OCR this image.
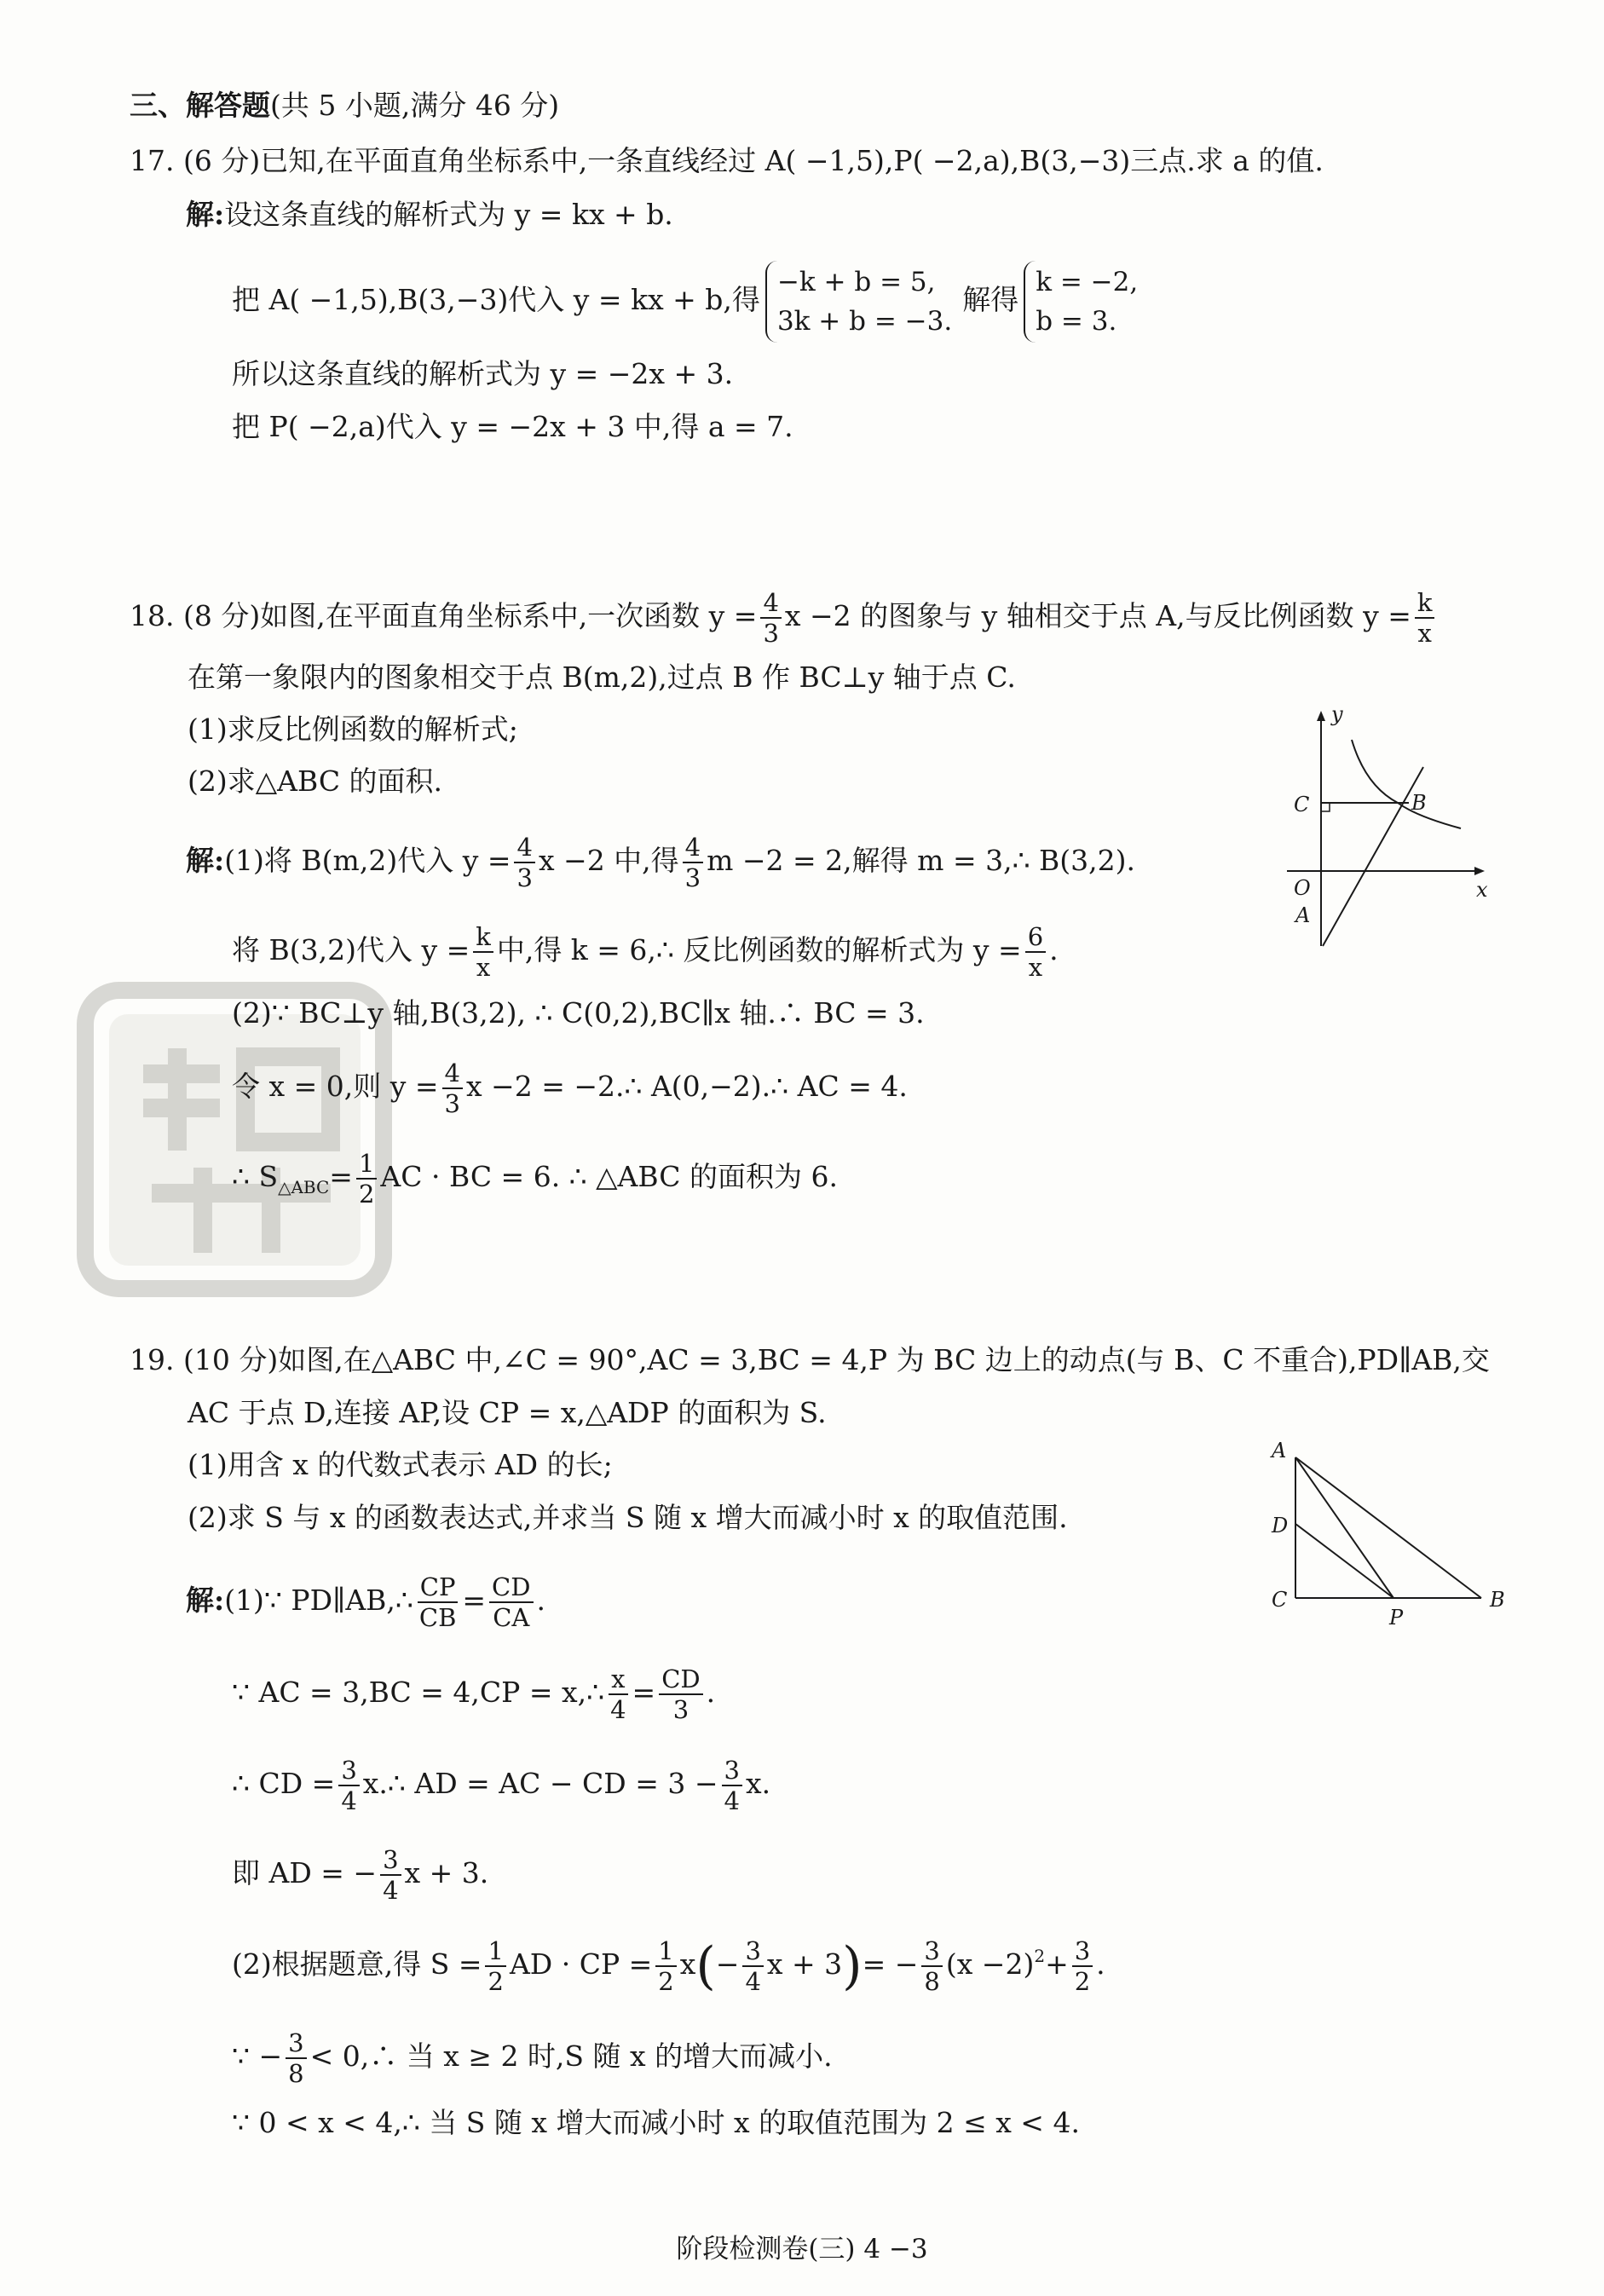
三、解答题(共 5 小题,满分 46 分)
17. (6 分)已知,在平面直角坐标系中,一条直线经过 A( −1,5),P( −2,a),B(3,−3)三点.求 a 的值.
解:设这条直线的解析式为 y = kx + b.
把 A( −1,5),B(3,−3)代入 y = kx + b,得
−k + b = 5,
3k + b = −3.
解得
k = −2,
b = 3.
所以这条直线的解析式为 y = −2x + 3.
把 P( −2,a)代入 y = −2x + 3 中,得 a = 7.
18. (8 分)如图,在平面直角坐标系中,一次函数 $y = \frac{4}{3}$ x −2 的图象与 y 轴相交于点 A,与反比例函数 $y = \frac{k}{x}$
在第一象限内的图象相交于点 B(m,2),过点 B 作 BC⊥y 轴于点 C.
(1)求反比例函数的解析式;
(2)求△ABC 的面积.
解:(1)将 B(m,2)代入 $y = \frac{4}{3}$ x −2 中,得 $\frac{4}{3}$ m −2 = 2,解得 m = 3,∴ B(3,2).
将 B(3,2)代入 $y = \frac{k}{x}$ 中,得 k = 6,∴ 反比例函数的解析式为 $y = \frac{6}{x}$ .
(2)∵ BC⊥y 轴,B(3,2), ∴ C(0,2),BC∥x 轴.∴ BC = 3.
令 x = 0,则 $y = \frac{4}{3}$ x −2 = −2.∴ A(0,−2).∴ AC = 4.
∴ $S_{\triangle ABC}= \frac{1}{2}$ AC · BC = 6. ∴ △ABC 的面积为 6.
y
x
O
C	B
A
19. (10 分)如图,在△ABC 中,∠C = 90°,AC = 3,BC = 4,P 为 BC 边上的动点(与 B、C 不重合),PD∥AB,交
AC 于点 D,连接 AP,设 CP = x,△ADP 的面积为 S.
(1)用含 x 的代数式表示 AD 的长;
(2)求 S 与 x 的函数表达式,并求当 S 随 x 增大而减小时 x 的取值范围.
解:(1)∵ PD∥AB,∴ $\frac{CP}{CB} = \frac{CD}{CA}$ .
∵ AC = 3,BC = 4,CP = x,∴ $\frac{x}{4} = \frac{CD}{3}$ .
∴ CD = $\frac{3}{4}$ x.∴ AD = AC − CD = $3 - \frac{3}{4} x$.
即 AD = − $\frac{3}{4}$ x + 3.
(2)根据题意,得 $S = \frac{1}{2}$ AD · CP = $\frac{1}{2} x(- \frac{3}{4}$ $x + 3)= - \frac{3}{8} (x -2)^2+ \frac{3}{2}$ .
∵ − $\frac{3}{8}$ < 0,∴ 当 x ≥ 2 时,S 随 x 的增大而减小.
∵ 0 < x < 4,∴ 当 S 随 x 增大而减小时 x 的取值范围为 2 ≤ x < 4.
A
D
C
P
B
阶段检测卷(三) 4 −3
